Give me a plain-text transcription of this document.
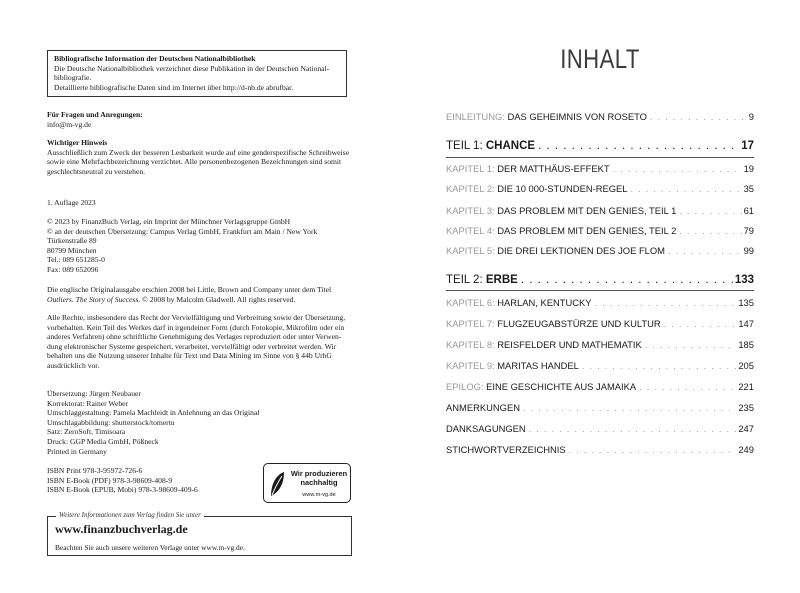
Bibliografische Information der Deutschen Nationalbibliothek
Die Deutsche Nationalbibliothek verzeichnet diese Publikation in der Deutschen National-
bibliografie.
Detaillierte bibliografische Daten sind im Internet über http://d-nb.de abrufbar.
Für Fragen und Anregungen:
info@m-vg.de
Wichtiger Hinweis
Ausschließlich zum Zweck der besseren Lesbarkeit wurde auf eine genderspezifische Schreibweise
sowie eine Mehrfachbezeichnung verzichtet. Alle personenbezogenen Bezeichnungen sind somit
geschlechtsneutral zu verstehen.
1. Auflage 2023
© 2023 by FinanzBuch Verlag, ein Imprint der Münchner Verlagsgruppe GmbH
© an der deutschen Übersetzung: Campus Verlag GmbH, Frankfurt am Main / New York
Türkenstraße 89
80799 München
Tel.: 089 651285-0
Fax: 089 652096
Die englische Originalausgabe erschien 2008 bei Little, Brown and Company unter dem Titel
Outliers. The Story of Success. © 2008 by Malcolm Gladwell. All rights reserved.
Alle Rechte, insbesondere das Recht der Vervielfältigung und Verbreitung sowie der Übersetzung,
vorbehalten. Kein Teil des Werkes darf in irgendeiner Form (durch Fotokopie, Mikrofilm oder ein
anderes Verfahren) ohne schriftliche Genehmigung des Verlages reproduziert oder unter Verwen-
dung elektronischer Systeme gespeichert, verarbeitet, vervielfältigt oder verbreitet werden. Wir
behalten uns die Nutzung unserer Inhalte für Text und Data Mining im Sinne von § 44b UrhG
ausdrücklich vor.
Übersetzung: Jürgen Neubauer
Korrektorat: Rainer Weber
Umschlaggestaltung: Pamela Machleidt in Anlehnung an das Original
Umschlagabbildung: shutterstock/tomertu
Satz: ZeroSoft, Timisoara
Druck: GGP Media GmbH, Pößneck
Printed in Germany
ISBN Print 978-3-95972-726-6
ISBN E-Book (PDF) 978-3-98609-408-9
ISBN E-Book (EPUB, Mobi) 978-3-98609-409-6
Wir produzieren
nachhaltig
www.m-vg.de
Weitere Informationen zum Verlag finden Sie unter
www.finanzbuchverlag.de
Beachten Sie auch unsere weiteren Verlage unter www.m-vg.de.
INHALT
EINLEITUNG:
DAS GEHEIMNIS VON ROSETO . . .	9
TEIL 1:
CHANCE . . .	17
KAPITEL 1:
DER MATTHÄUS-EFFEKT . . .	19
KAPITEL 2:
DIE 10 000-STUNDEN-REGEL . . .	35
KAPITEL 3:
DAS PROBLEM MIT DEN GENIES, TEIL 1 . . .	61
KAPITEL 4:
DAS PROBLEM MIT DEN GENIES, TEIL 2 . . .	79
KAPITEL 5:
DIE DREI LEKTIONEN DES JOE FLOM . . .	99
TEIL 2:
ERBE . . .	133
KAPITEL 6:
HARLAN, KENTUCKY . . .	135
KAPITEL 7:
FLUGZEUGABSTÜRZE UND KULTUR . . .	147
KAPITEL 8:
REISFELDER UND MATHEMATIK . . .	185
KAPITEL 9:
MARITAS HANDEL . . .	205
EPILOG:
EINE GESCHICHTE AUS JAMAIKA . . .	221
ANMERKUNGEN . . .	235
DANKSAGUNGEN . . .	247
STICHWORTVERZEICHNIS . . .	249
